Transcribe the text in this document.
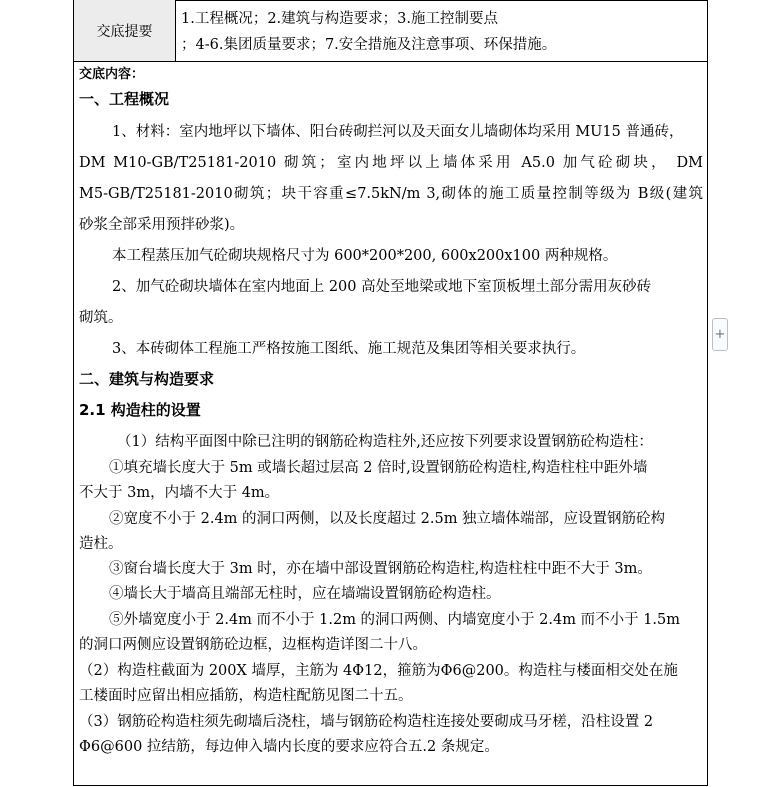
交底提要
1.工程概况；2.建筑与构造要求；3.施工控制要点
；4-6.集团质量要求；7.安全措施及注意事项、环保措施。
交底内容：
一、工程概况
1、材料：室内地坪以下墙体、阳台砖砌拦河以及天面女儿墙砌体均采用 MU15 普通砖，
DM M10-GB/T25181-2010 砌筑；室内地坪以上墙体采用 A5.0 加气砼砌块， DM
M5-GB/T25181-2010砌筑；块干容重≤7.5kN/m 3,砌体的施工质量控制等级为 B级(建筑
砂浆全部采用预拌砂浆)。
本工程蒸压加气砼砌块规格尺寸为 600*200*200, 600x200x100 两种规格。
2、加气砼砌块墙体在室内地面上 200 高处至地梁或地下室顶板埋土部分需用灰砂砖
砌筑。
3、本砖砌体工程施工严格按施工图纸、施工规范及集团等相关要求执行。
二、建筑与构造要求
2.1 构造柱的设置
（1）结构平面图中除已注明的钢筋砼构造柱外,还应按下列要求设置钢筋砼构造柱：
①填充墙长度大于 5m 或墙长超过层高 2 倍时,设置钢筋砼构造柱,构造柱柱中距外墙
不大于 3m，内墙不大于 4m。
②宽度不小于 2.4m 的洞口两侧，以及长度超过 2.5m 独立墙体端部，应设置钢筋砼构
造柱。
③窗台墙长度大于 3m 时，亦在墙中部设置钢筋砼构造柱,构造柱柱中距不大于 3m。
④墙长大于墙高且端部无柱时，应在墙端设置钢筋砼构造柱。
⑤外墙宽度小于 2.4m 而不小于 1.2m 的洞口两侧、内墙宽度小于 2.4m 而不小于 1.5m
的洞口两侧应设置钢筋砼边框，边框构造详图二十八。
（2）构造柱截面为 200X 墙厚，主筋为 4Φ12，箍筋为Φ6@200。构造柱与楼面相交处在施
工楼面时应留出相应插筋，构造柱配筋见图二十五。
（3）钢筋砼构造柱须先砌墙后浇柱，墙与钢筋砼构造柱连接处要砌成马牙槎，沿柱设置 2
Φ6@600 拉结筋，每边伸入墙内长度的要求应符合五.2 条规定。
+
